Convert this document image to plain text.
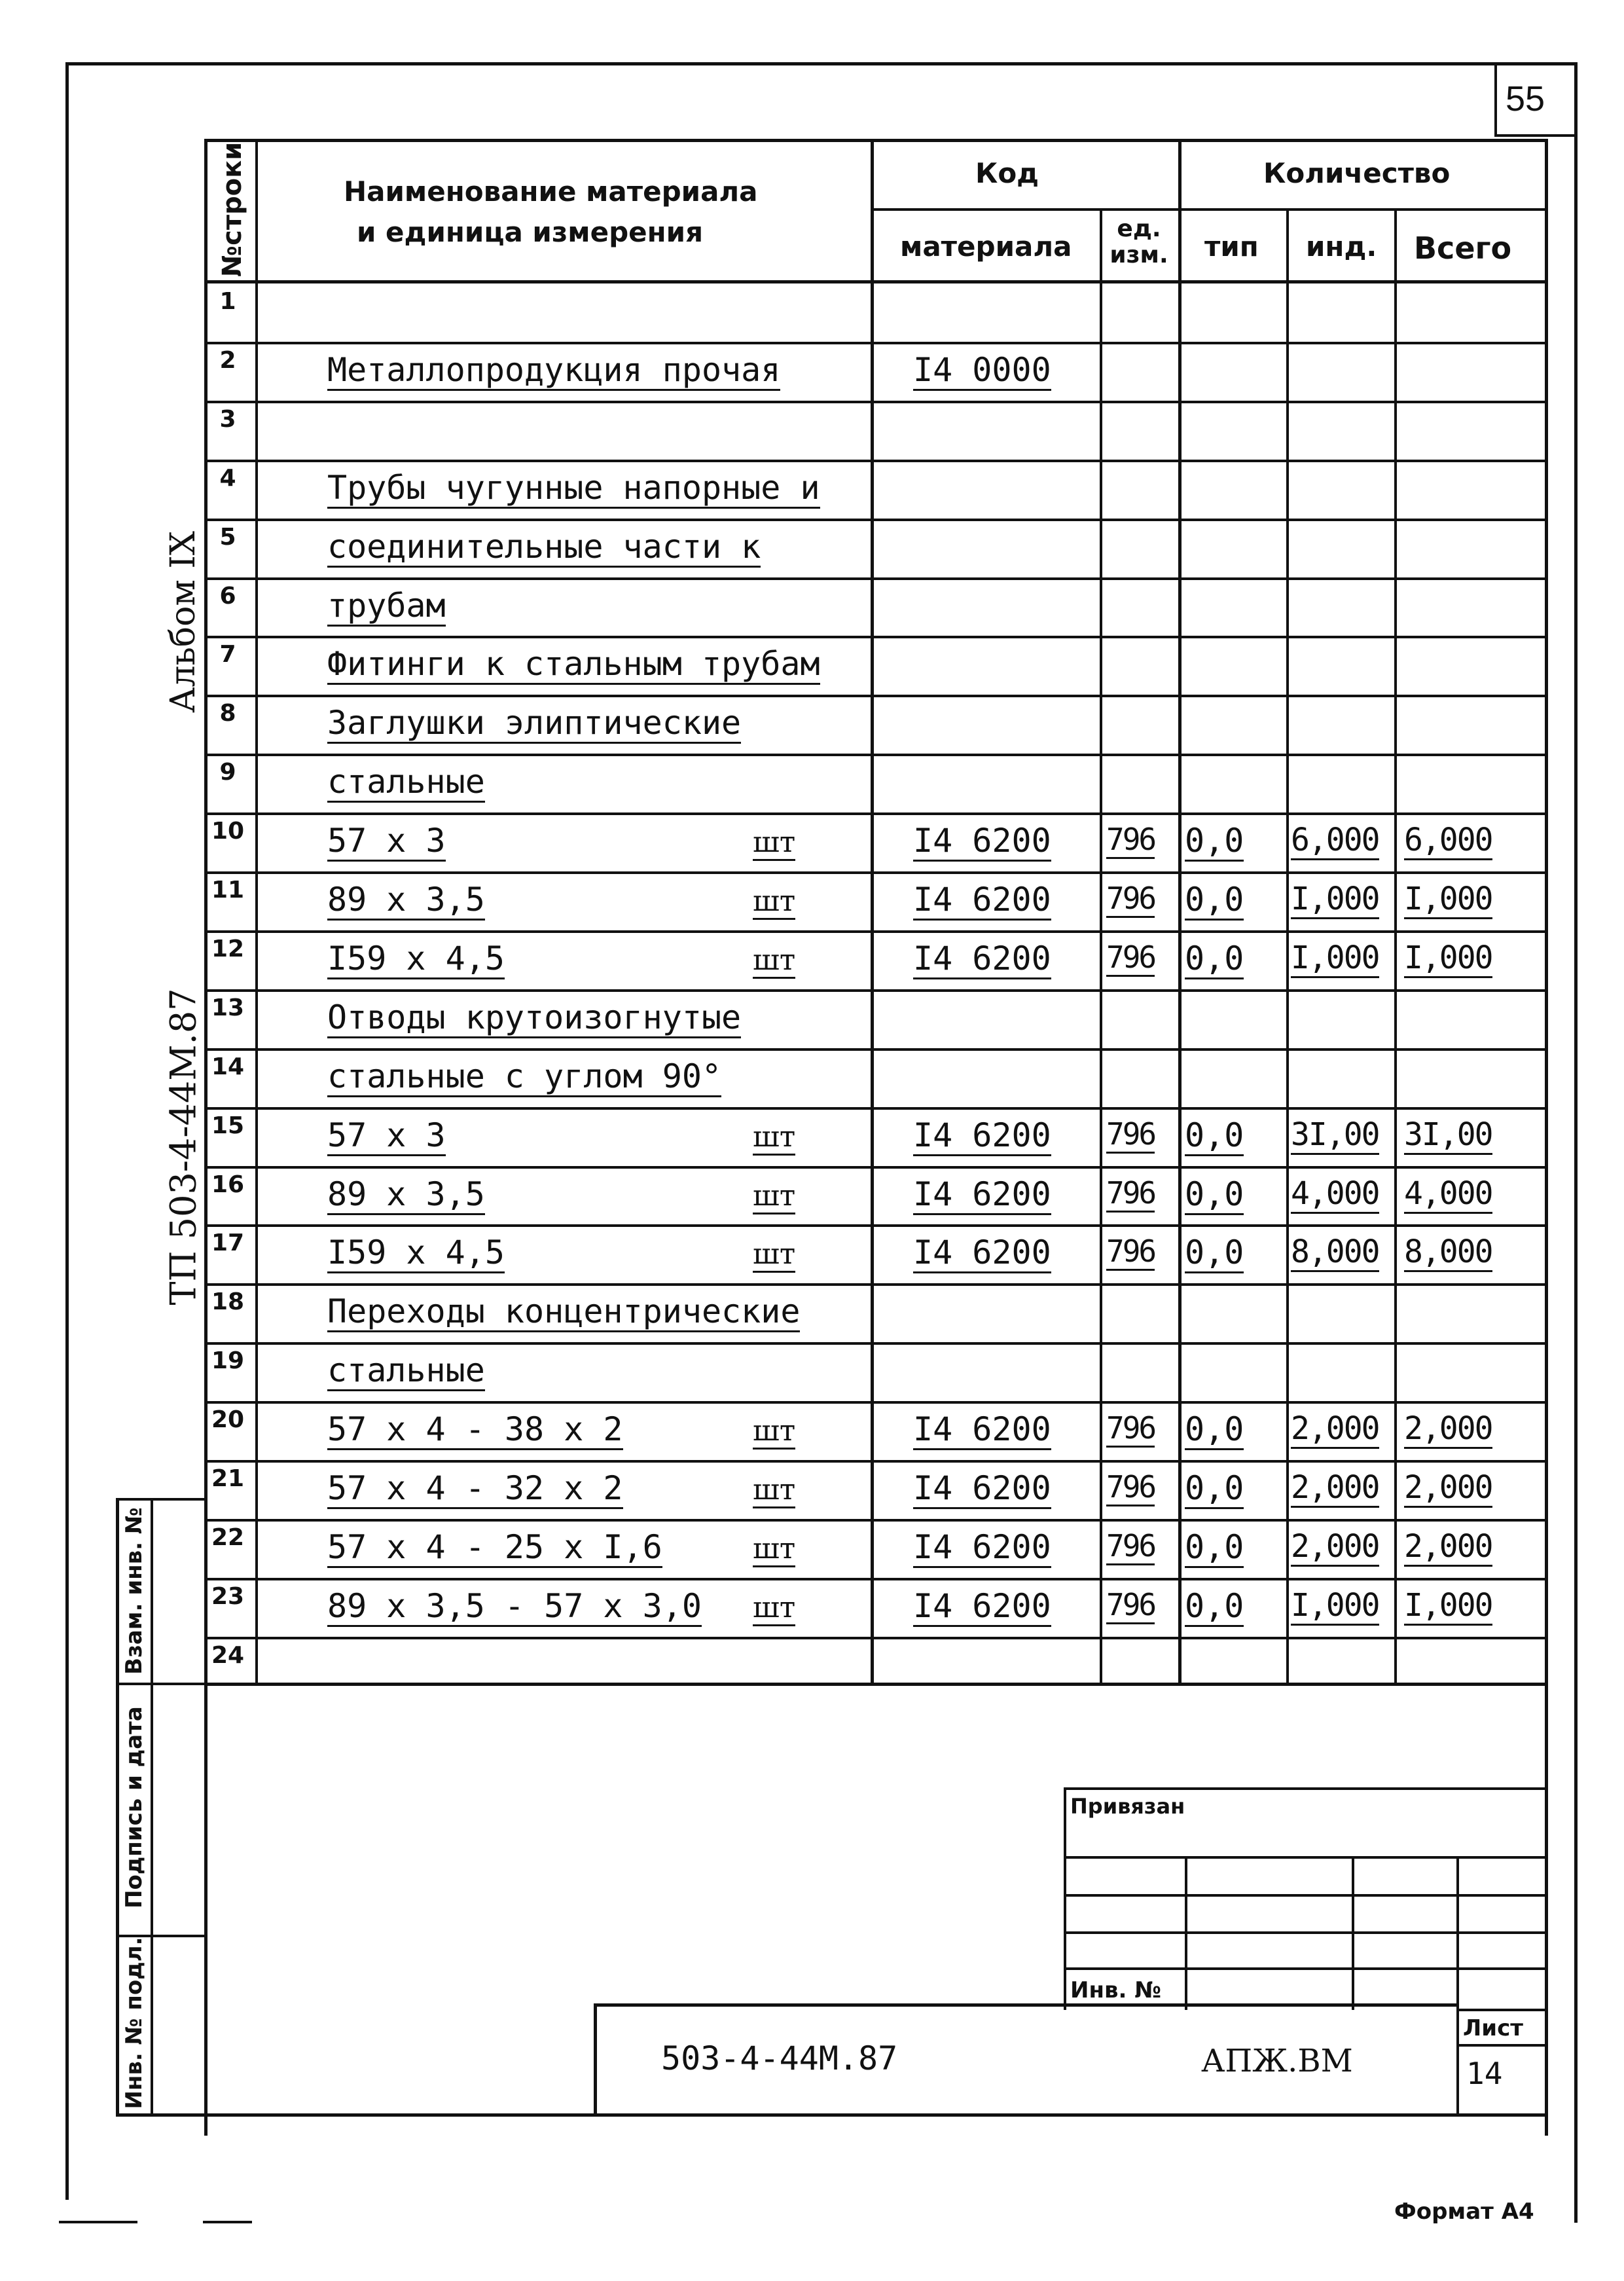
55
№строки	Наименование материала
и единица измерения
Код	Количество
материала
ед. изм. тип инд. Всего
1
2	Металлопродукция прочая	I4 0000
3
4	Трубы чугунные напорные и
5	соединительные части к
6	трубам
7	Фитинги к стальным трубам
8	Заглушки элиптические
9	стальные
10	57 x 3	шт	I4 6200 796 0,0 6,000 6,000
11	89 x 3,5	шт	I4 6200 796 0,0 I,000 I,000
12	I59 x 4,5	шт	I4 6200 796 0,0 I,000 I,000
13	Отводы крутоизогнутые
14	стальные с углом 90°
15	57 x 3	шт	I4 6200 796 0,0 3I,00 3I,00
16	89 x 3,5	шт	I4 6200 796 0,0 4,000 4,000
17	I59 x 4,5	шт	I4 6200 796 0,0 8,000 8,000
18	Переходы концентрические
19	стальные
20	57 x 4 - 38 x 2	шт	I4 6200 796 0,0 2,000 2,000
21	57 x 4 - 32 x 2	шт	I4 6200 796 0,0 2,000 2,000
22	57 x 4 - 25 x I,6	шт	I4 6200 796 0,0 2,000 2,000
23	89 x 3,5 - 57 x 3,0 шт	I4 6200 796 0,0 I,000 I,000
24
Альбом IX
ТП 503-4-44М.87
Взам. инв. №
Подпись и дата
Инв. № подл.
Привязан
Инв. №
503-4-44М.87	АПЖ.ВМ
Лист
14
Формат А4
